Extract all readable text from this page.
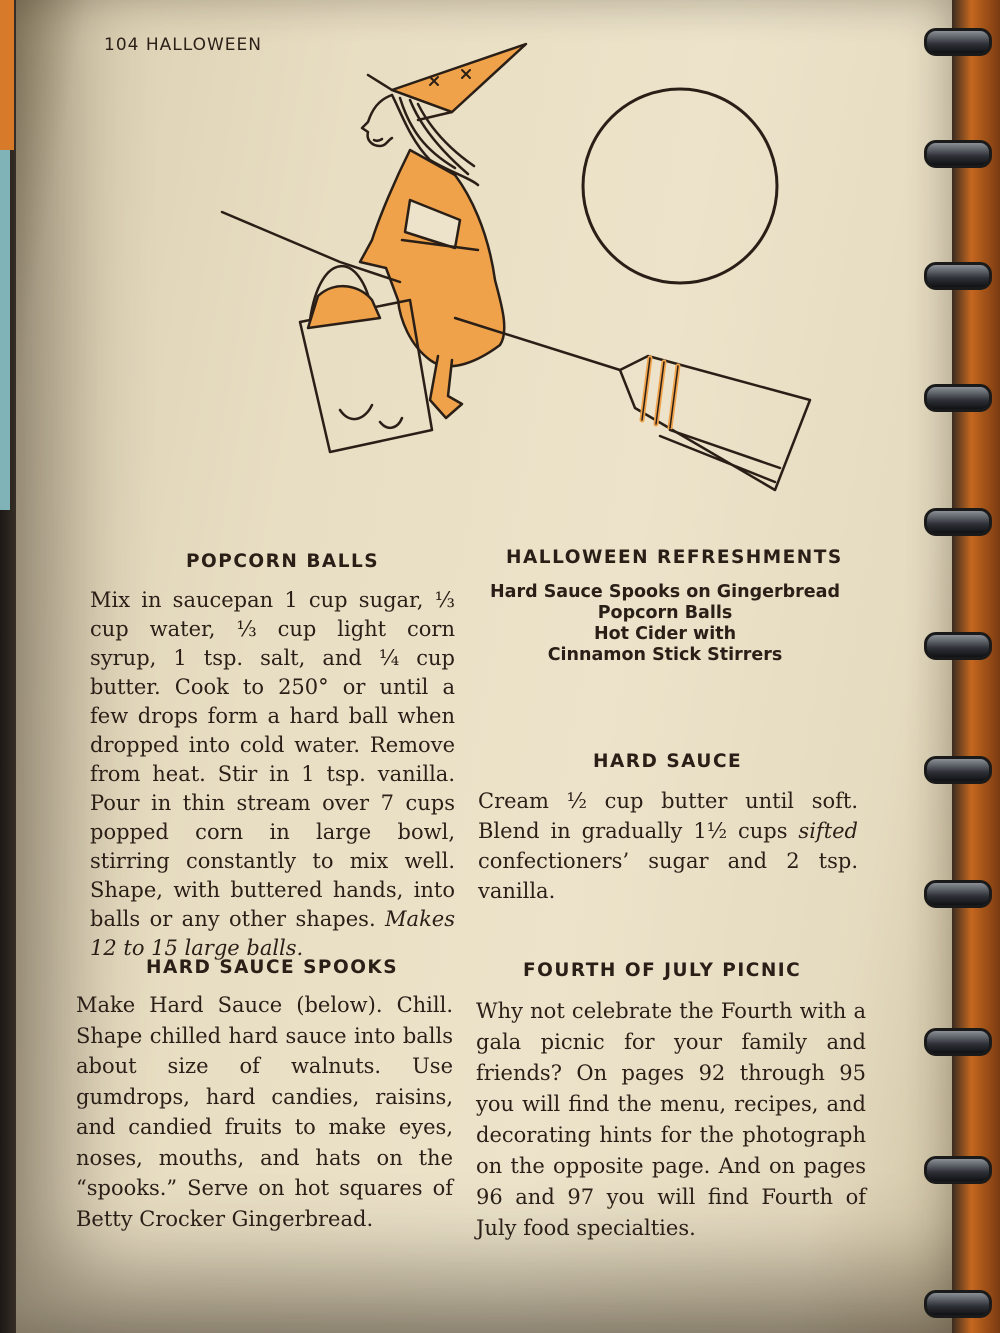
104 HALLOWEEN
POPCORN BALLS
Mix in saucepan 1 cup sugar, ⅓ cup water, ⅓ cup light corn syrup, 1 tsp. salt, and ¼ cup butter. Cook to 250° or until a few drops form a hard ball when dropped into cold water. Remove from heat. Stir in 1 tsp. vanilla. Pour in thin stream over 7 cups popped corn in large bowl, stirring constantly to mix well. Shape, with buttered hands, into balls or any other shapes. Makes 12 to 15 large balls.
HALLOWEEN REFRESHMENTS
Hard Sauce Spooks on Gingerbread
Popcorn Balls
Hot Cider with
Cinnamon Stick Stirrers
HARD SAUCE
Cream ½ cup butter until soft. Blend in gradually 1½ cups sifted confectioners’ sugar and 2 tsp. vanilla.
HARD SAUCE SPOOKS
Make Hard Sauce (below). Chill. Shape chilled hard sauce into balls about size of walnuts. Use gumdrops, hard candies, raisins, and candied fruits to make eyes, noses, mouths, and hats on the “spooks.” Serve on hot squares of Betty Crocker Gingerbread.
FOURTH OF JULY PICNIC
Why not celebrate the Fourth with a gala picnic for your family and friends? On pages 92 through 95 you will find the menu, recipes, and decorating hints for the photograph on the opposite page. And on pages 96 and 97 you will find Fourth of July food specialties.
